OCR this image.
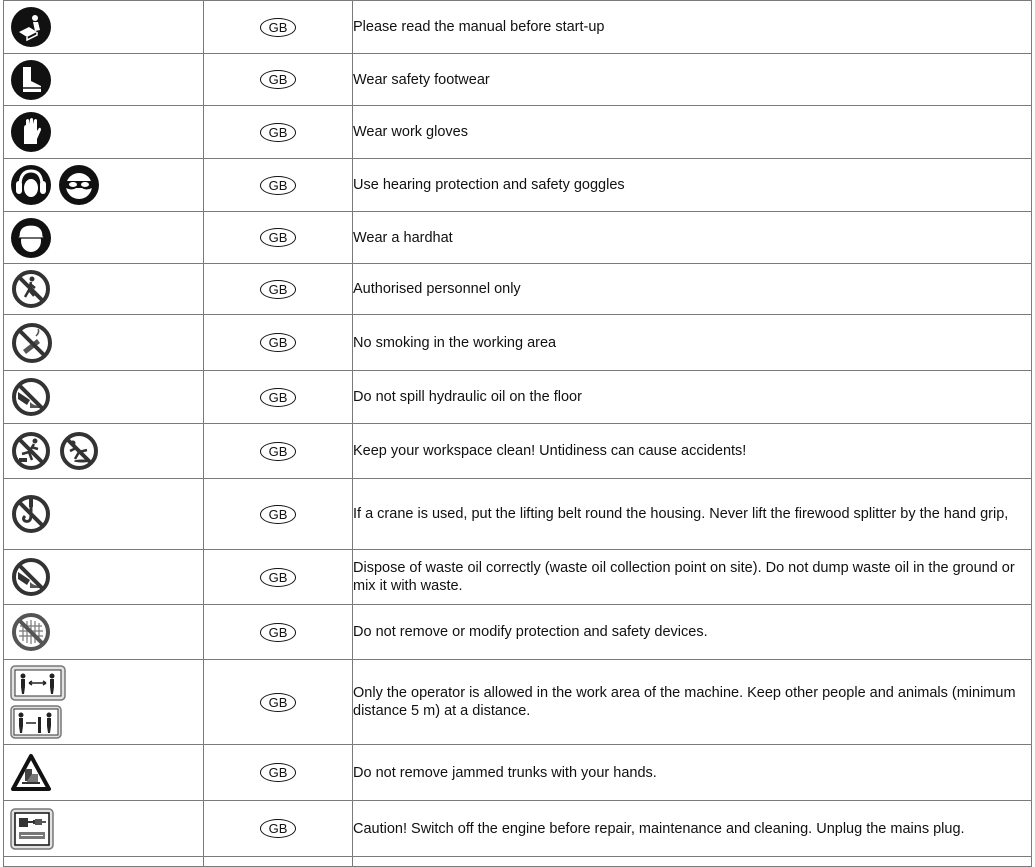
	GB	Please read the manual before start-up

	GB	Wear safety footwear

	GB	Wear work gloves

	GB	Use hearing protection and safety goggles

	GB	Wear a hardhat

	GB	Authorised personnel only

	GB	No smoking in the working area

	GB	Do not spill hydraulic oil on the floor

	GB	Keep your workspace clean! Untidiness can cause accidents!

	GB	If a crane is used, put the lifting belt round the housing. Never lift the firewood splitter by the hand grip,

	GB	Dispose of waste oil correctly (waste oil collection point on site). Do not dump waste oil in the ground or mix it with waste.

	GB	Do not remove or modify protection and safety devices.

	GB	Only the operator is allowed in the work area of the machine. Keep other people and animals (minimum distance 5 m) at a distance.

	GB	Do not remove jammed trunks with your hands.

	GB	Caution! Switch off the engine before repair, maintenance and cleaning. Unplug the mains plug.
